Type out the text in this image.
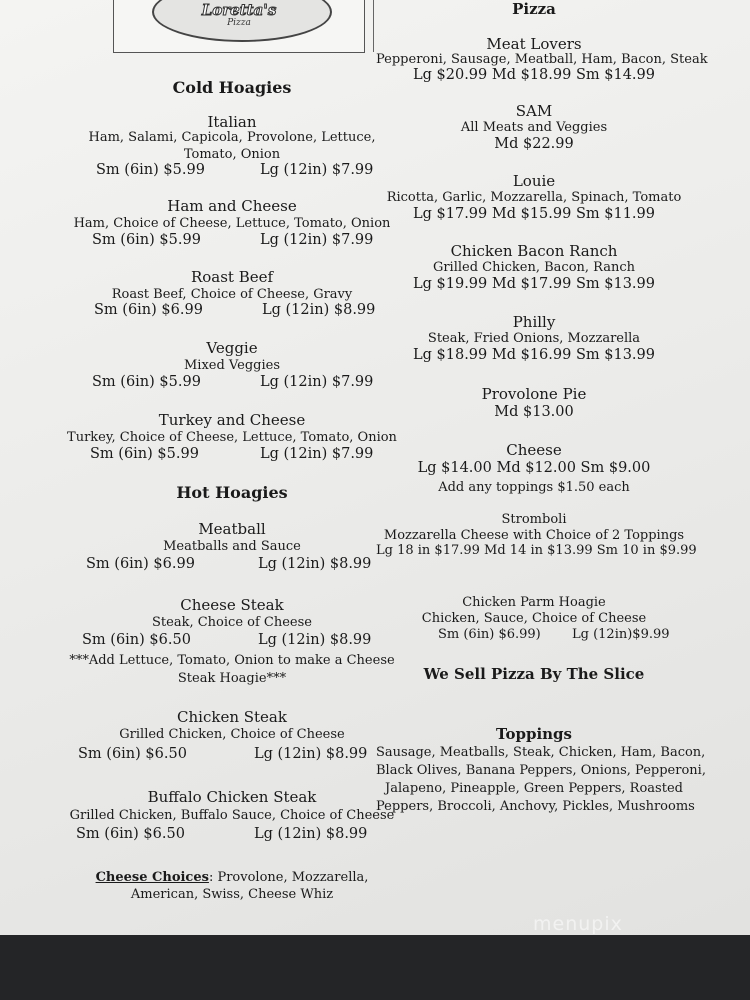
Loretta's
Pizza
Cold Hoagies
Italian
Ham, Salami, Capicola, Provolone, Lettuce,
Tomato, Onion
Sm (6in) $5.99	Lg (12in) $7.99
Ham and Cheese
Ham, Choice of Cheese, Lettuce, Tomato, Onion
Sm (6in) $5.99	Lg (12in) $7.99
Roast Beef
Roast Beef, Choice of Cheese, Gravy
Sm (6in) $6.99	Lg (12in) $8.99
Veggie
Mixed Veggies
Sm (6in) $5.99	Lg (12in) $7.99
Turkey and Cheese
Turkey, Choice of Cheese, Lettuce, Tomato, Onion
Sm (6in) $5.99	Lg (12in) $7.99
Hot Hoagies
Meatball
Meatballs and Sauce
Sm (6in) $6.99	Lg (12in) $8.99
Cheese Steak
Steak, Choice of Cheese
Sm (6in) $6.50	Lg (12in) $8.99
***Add Lettuce, Tomato, Onion to make a Cheese
Steak Hoagie***
Chicken Steak
Grilled Chicken, Choice of Cheese
Sm (6in) $6.50	Lg (12in) $8.99
Buffalo Chicken Steak
Grilled Chicken, Buffalo Sauce, Choice of Cheese
Sm (6in) $6.50	Lg (12in) $8.99
Cheese Choices: Provolone, Mozzarella,
American, Swiss, Cheese Whiz
Pizza
Meat Lovers
Pepperoni, Sausage, Meatball, Ham, Bacon, Steak
Lg $20.99 Md $18.99 Sm $14.99
SAM
All Meats and Veggies
Md $22.99
Louie
Ricotta, Garlic, Mozzarella, Spinach, Tomato
Lg $17.99 Md $15.99 Sm $11.99
Chicken Bacon Ranch
Grilled Chicken, Bacon, Ranch
Lg $19.99 Md $17.99 Sm $13.99
Philly
Steak, Fried Onions, Mozzarella
Lg $18.99 Md $16.99 Sm $13.99
Provolone Pie
Md $13.00
Cheese
Lg $14.00 Md $12.00 Sm $9.00
Add any toppings $1.50 each
Stromboli
Mozzarella Cheese with Choice of 2 Toppings
Lg 18 in $17.99 Md 14 in $13.99 Sm 10 in $9.99
Chicken Parm Hoagie
Chicken, Sauce, Choice of Cheese
Sm (6in) $6.99) Lg (12in)$9.99
We Sell Pizza By The Slice
Toppings
Sausage, Meatballs, Steak, Chicken, Ham, Bacon,
Black Olives, Banana Peppers, Onions, Pepperoni,
Jalapeno, Pineapple, Green Peppers, Roasted
Peppers, Broccoli, Anchovy, Pickles, Mushrooms
menupix
